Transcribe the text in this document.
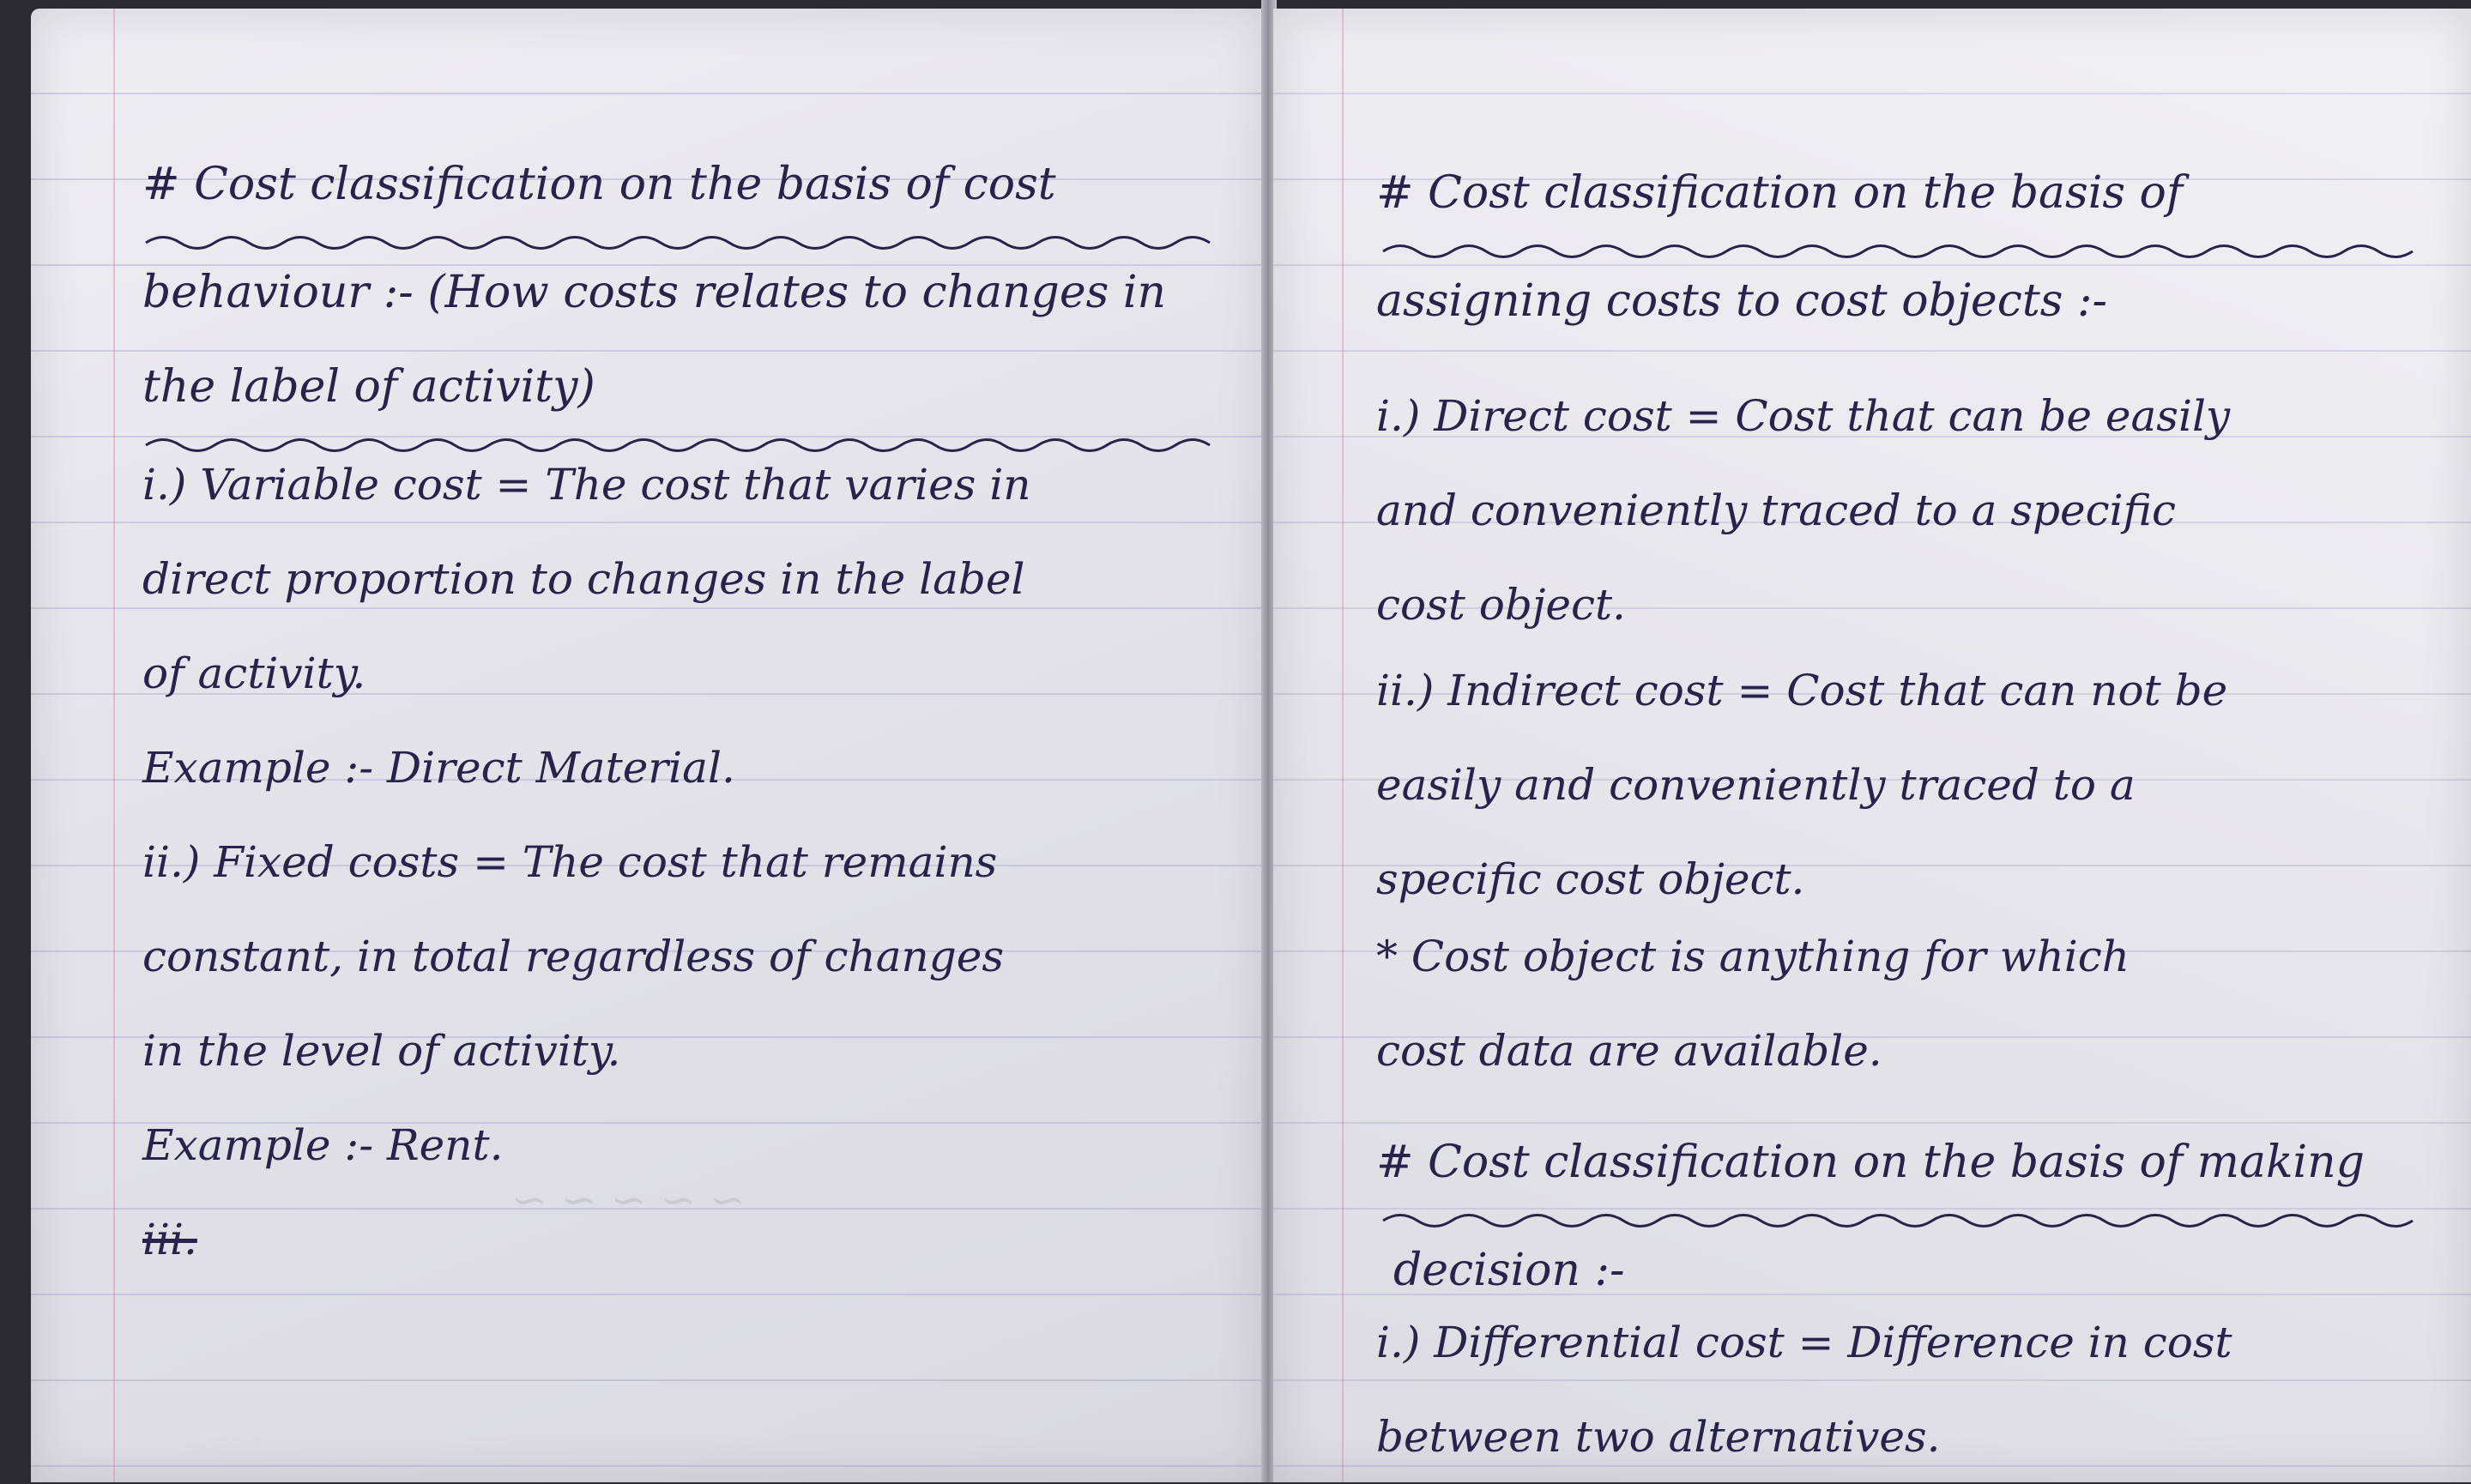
# Cost classification on the basis of cost
behaviour :- (How costs relates to changes in
the label of activity)
i.) Variable cost = The cost that varies in
direct proportion to changes in the label
of activity.
Example :- Direct Material.
ii.) Fixed costs = The cost that remains
constant, in total regardless of changes
in the level of activity.
Example :- Rent.
iii.
~ ~ ~ ~ ~
# Cost classification on the basis of
assigning costs to cost objects :-
i.) Direct cost = Cost that can be easily
and conveniently traced to a specific
cost object.
ii.) Indirect cost = Cost that can not be
easily and conveniently traced to a
specific cost object.
* Cost object is anything for which
cost data are available.
# Cost classification on the basis of making
decision :-
i.) Differential cost = Difference in cost
between two alternatives.
